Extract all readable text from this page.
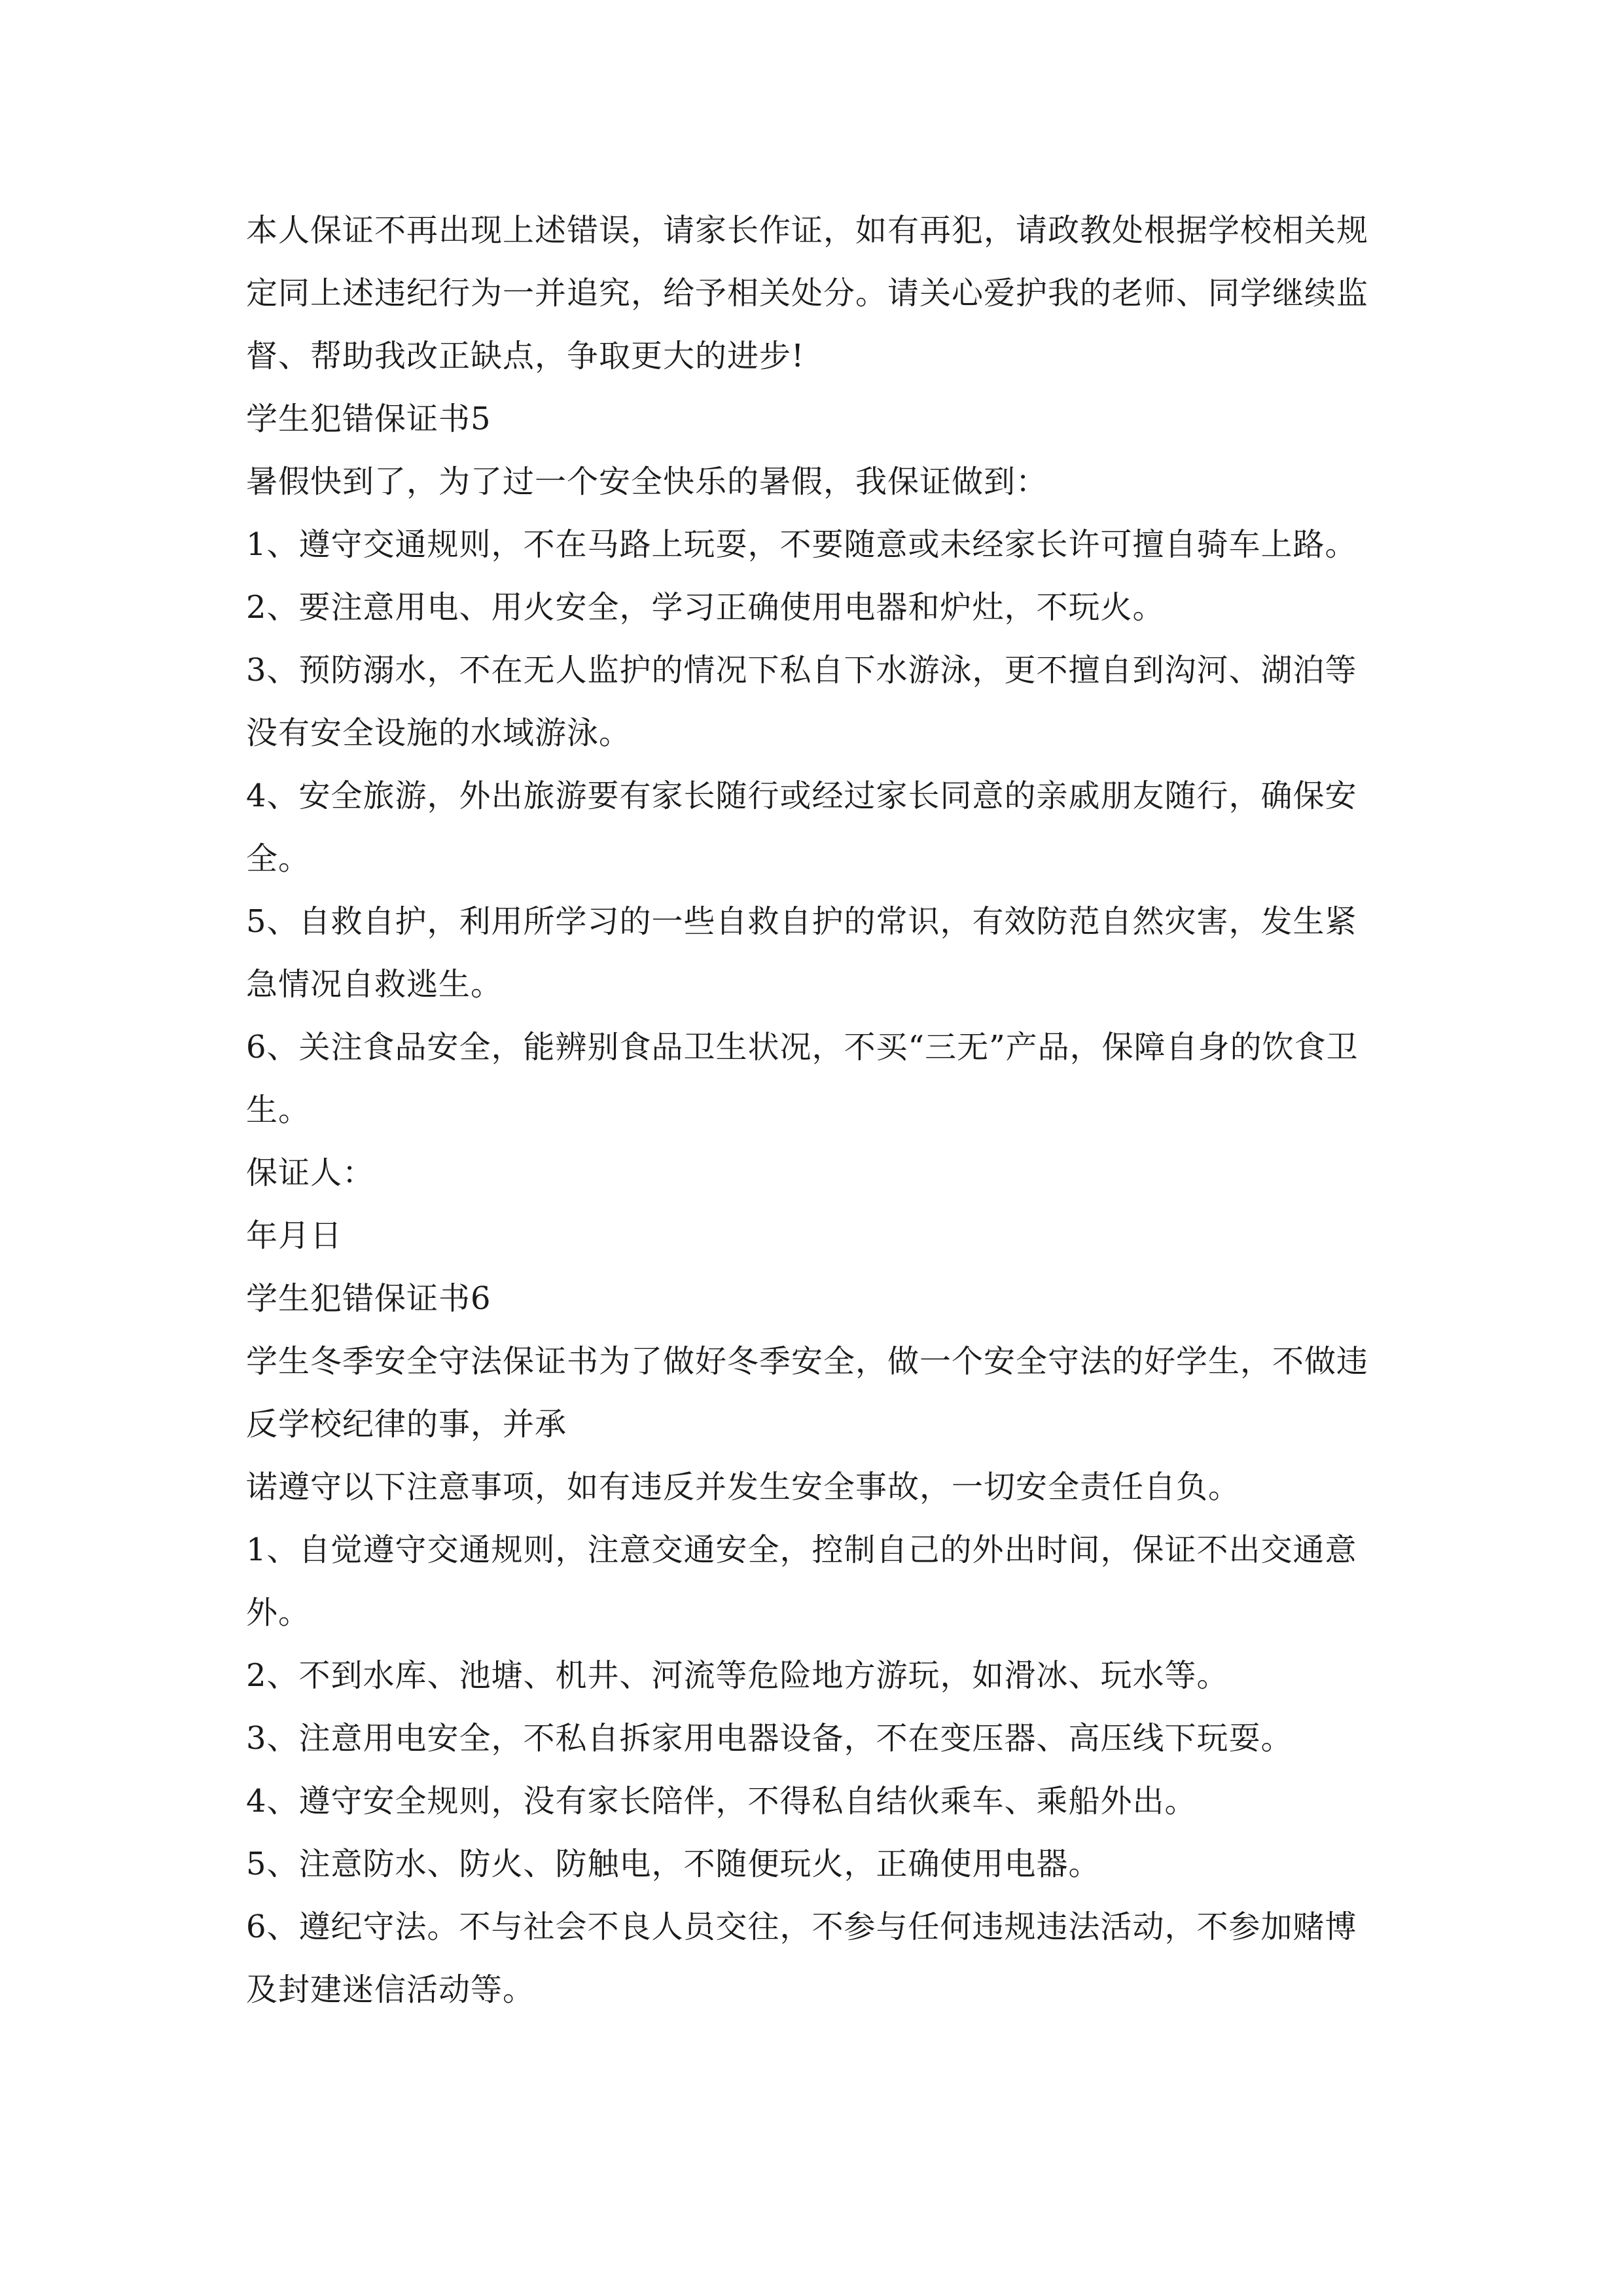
本人保证不再出现上述错误，请家长作证，如有再犯，请政教处根据学校相关规定同上述违纪行为一并追究，给予相关处分。请关心爱护我的老师、同学继续监督、帮助我改正缺点，争取更大的进步!

学生犯错保证书5

暑假快到了，为了过一个安全快乐的暑假，我保证做到：

1、遵守交通规则，不在马路上玩耍，不要随意或未经家长许可擅自骑车上路。

2、要注意用电、用火安全，学习正确使用电器和炉灶，不玩火。

3、预防溺水，不在无人监护的情况下私自下水游泳，更不擅自到沟河、湖泊等没有安全设施的水域游泳。

4、安全旅游，外出旅游要有家长随行或经过家长同意的亲戚朋友随行，确保安全。

5、自救自护，利用所学习的一些自救自护的常识，有效防范自然灾害，发生紧急情况自救逃生。

6、关注食品安全，能辨别食品卫生状况，不买“三无”产品，保障自身的饮食卫生。

保证人：

年月日

学生犯错保证书6

学生冬季安全守法保证书为了做好冬季安全，做一个安全守法的好学生，不做违反学校纪律的事，并承

诺遵守以下注意事项，如有违反并发生安全事故，一切安全责任自负。

1、自觉遵守交通规则，注意交通安全，控制自己的外出时间，保证不出交通意外。

2、不到水库、池塘、机井、河流等危险地方游玩，如滑冰、玩水等。

3、注意用电安全，不私自拆家用电器设备，不在变压器、高压线下玩耍。

4、遵守安全规则，没有家长陪伴，不得私自结伙乘车、乘船外出。

5、注意防水、防火、防触电，不随便玩火，正确使用电器。

6、遵纪守法。不与社会不良人员交往，不参与任何违规违法活动，不参加赌博及封建迷信活动等。
